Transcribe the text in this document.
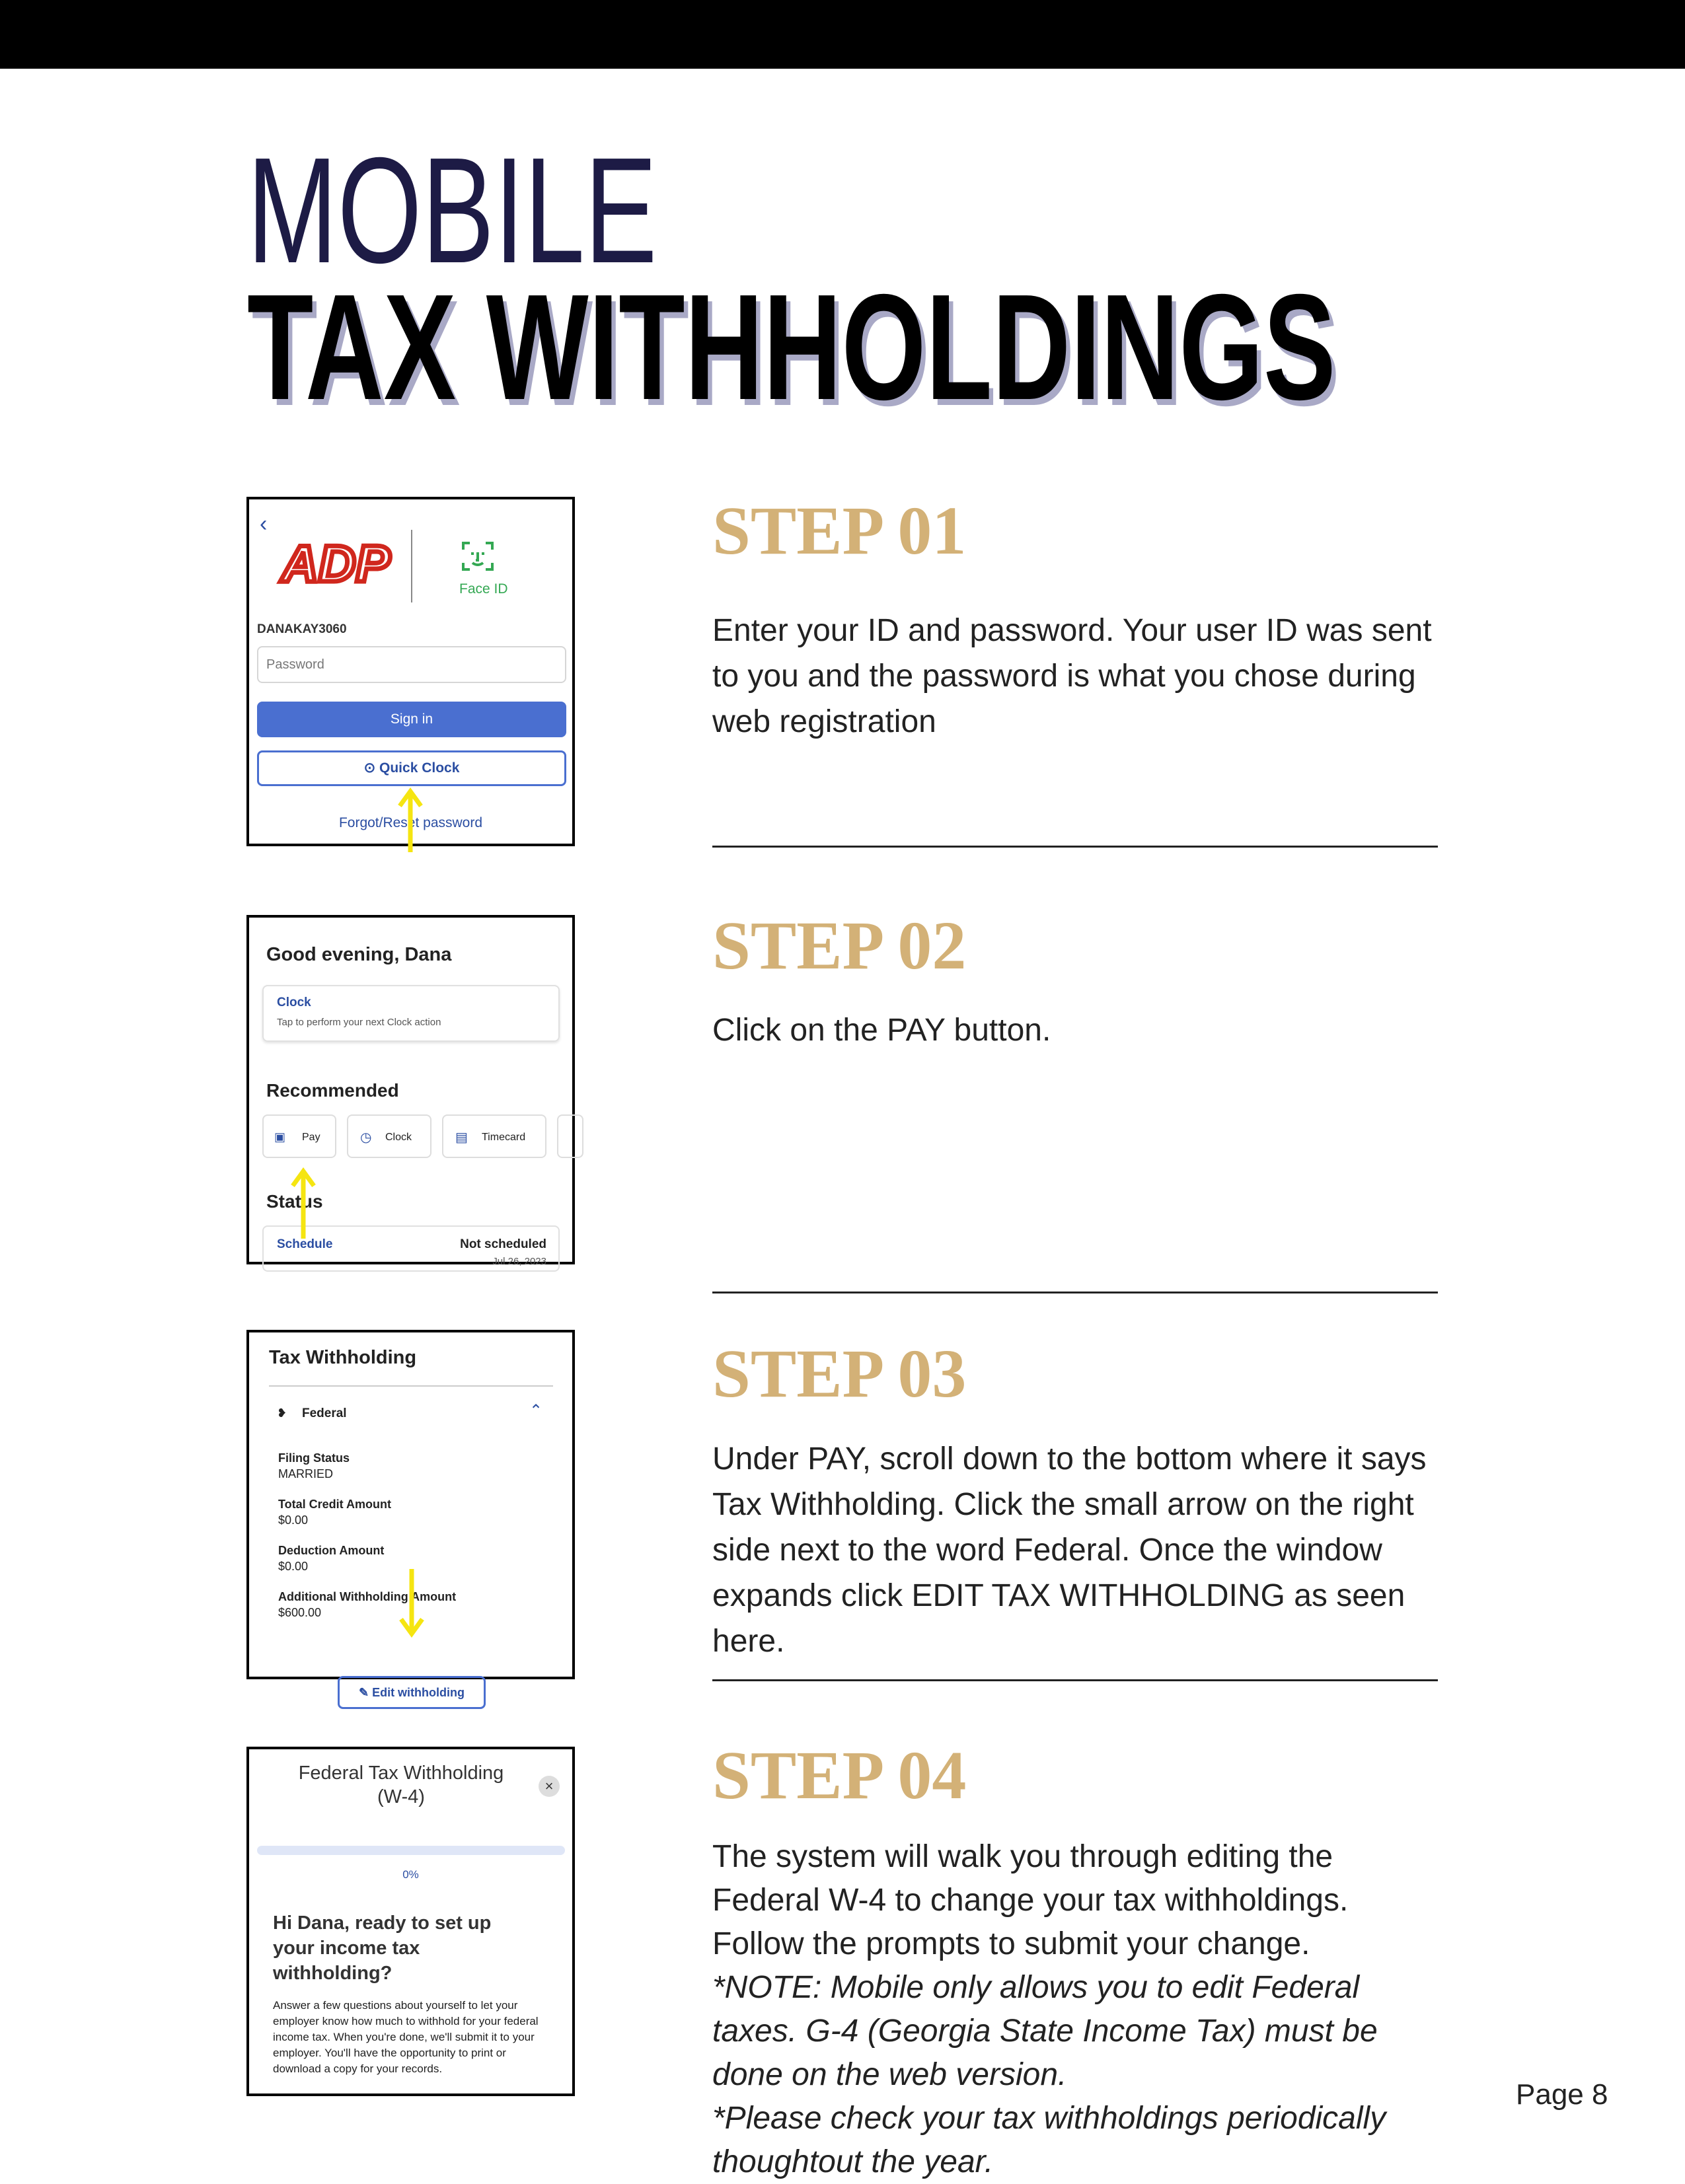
MOBILE
TAX WITHHOLDINGS
‹
ADP	Face ID
DANAKAY3060
Password
Sign in
⊙ Quick Clock
Forgot/Reset password
STEP 01
Enter your ID and password. Your user ID was sent to you and the password is what you chose during web registration
Good evening, Dana
Clock
Tap to perform your next Clock action
Recommended
▣ Pay	◷ Clock	▤ Timecard
Status
Schedule	Not scheduled
Jul 26, 2023
STEP 02
Click on the PAY button.
Tax Withholding
❥ Federal	⌃
Filing Status
MARRIED
Total Credit Amount
$0.00
Deduction Amount
$0.00
Additional Withholding Amount
$600.00
✎ Edit withholding
STEP 03
Under PAY, scroll down to the bottom where it says Tax Withholding. Click the small arrow on the right side next to the word Federal. Once the window expands click EDIT TAX WITHHOLDING as seen here.
Federal Tax Withholding
(W-4)
×
0%
Hi Dana, ready to set up your income tax withholding?
Answer a few questions about yourself to let your employer know how much to withhold for your federal income tax. When you're done, we'll submit it to your employer. You'll have the opportunity to print or download a copy for your records.
STEP 04
The system will walk you through editing the Federal W-4 to change your tax withholdings. Follow the prompts to submit your change.
*NOTE: Mobile only allows you to edit Federal taxes. G-4 (Georgia State Income Tax) must be done on the web version.
*Please check your tax withholdings periodically thoughtout the year.
Page 8
